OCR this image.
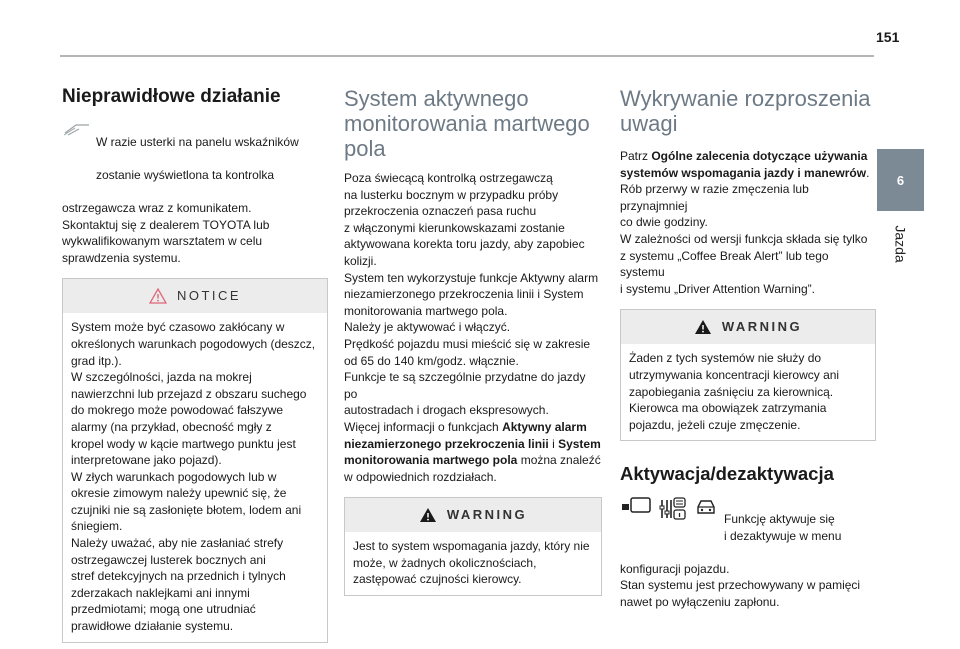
151
6
Jazda
Nieprawidłowe działanie

W razie usterki na panelu wskaźników

zostanie wyświetlona ta kontrolka

ostrzegawcza wraz z komunikatem.
Skontaktuj się z dealerem TOYOTA lub
wykwalifikowanym warsztatem w celu
sprawdzenia systemu.

NOTICE

System może być czasowo zakłócany w
określonych warunkach pogodowych (deszcz,
grad itp.).
W szczególności, jazda na mokrej
nawierzchni lub przejazd z obszaru suchego
do mokrego może powodować fałszywe
alarmy (na przykład, obecność mgły z
kropel wody w kącie martwego punktu jest
interpretowane jako pojazd).
W złych warunkach pogodowych lub w
okresie zimowym należy upewnić się, że
czujniki nie są zasłonięte błotem, lodem ani
śniegiem.
Należy uważać, aby nie zasłaniać strefy
ostrzegawczej lusterek bocznych ani
stref detekcyjnych na przednich i tylnych
zderzakach naklejkami ani innymi
przedmiotami; mogą one utrudniać
prawidłowe działanie systemu.

System aktywnego
monitorowania martwego
pola

Poza świecącą kontrolką ostrzegawczą
na lusterku bocznym w przypadku próby
przekroczenia oznaczeń pasa ruchu
z włączonymi kierunkowskazami zostanie
aktywowana korekta toru jazdy, aby zapobiec
kolizji.
System ten wykorzystuje funkcje Aktywny alarm
niezamierzonego przekroczenia linii i System
monitorowania martwego pola.
Należy je aktywować i włączyć.
Prędkość pojazdu musi mieścić się w zakresie
od 65 do 140 km/godz. włącznie.
Funkcje te są szczególnie przydatne do jazdy po
autostradach i drogach ekspresowych.

Więcej informacji o funkcjach Aktywny alarm
niezamierzonego przekroczenia linii i System
monitorowania martwego pola można znaleźć
w odpowiednich rozdziałach.

WARNING

Jest to system wspomagania jazdy, który nie
może, w żadnych okolicznościach,
zastępować czujności kierowcy.

Wykrywanie rozproszenia
uwagi

Patrz Ogólne zalecenia dotyczące używania
systemów wspomagania jazdy i manewrów.

Rób przerwy w razie zmęczenia lub przynajmniej
co dwie godziny.
W zależności od wersji funkcja składa się tylko
z systemu „Coffee Break Alert” lub tego systemu
i systemu „Driver Attention Warning”.

WARNING

Żaden z tych systemów nie służy do
utrzymywania koncentracji kierowcy ani
zapobiegania zaśnięciu za kierownicą.
Kierowca ma obowiązek zatrzymania
pojazdu, jeżeli czuje zmęczenie.

Aktywacja/dezaktywacja

Funkcję aktywuje się
i dezaktywuje w menu

konfiguracji pojazdu.
Stan systemu jest przechowywany w pamięci
nawet po wyłączeniu zapłonu.
